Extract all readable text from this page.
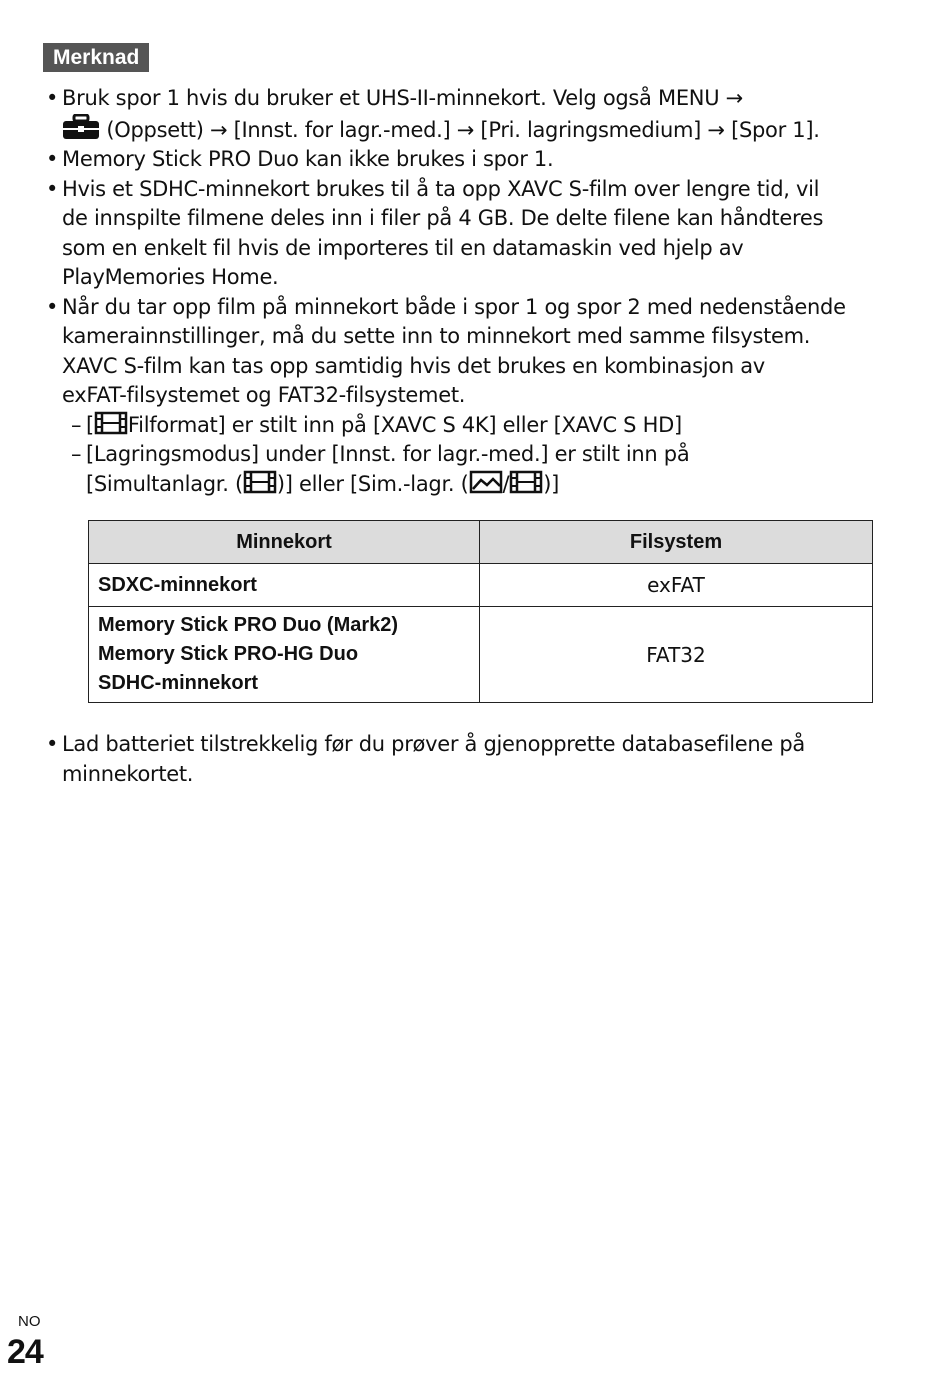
Merknad
• Bruk spor 1 hvis du bruker et UHS-II-minnekort. Velg også MENU →

(Oppsett) → [Innst. for lagr.-med.] → [Pri. lagringsmedium] → [Spor 1].
• Memory Stick PRO Duo kan ikke brukes i spor 1.
• Hvis et SDHC-minnekort brukes til å ta opp XAVC S-film over lengre tid, vil
de innspilte filmene deles inn i filer på 4 GB. De delte filene kan håndteres
som en enkelt fil hvis de importeres til en datamaskin ved hjelp av
PlayMemories Home.
• Når du tar opp film på minnekort både i spor 1 og spor 2 med nedenstående
kamerainnstillinger, må du sette inn to minnekort med samme filsystem.
XAVC S-film kan tas opp samtidig hvis det brukes en kombinasjon av
exFAT-filsystemet og FAT32-filsystemet.
– [ Filformat] er stilt inn på [XAVC S 4K] eller [XAVC S HD]
– [Lagringsmodus] under [Innst. for lagr.-med.] er stilt inn på
[Simultanlagr. ( )] eller [Sim.-lagr. ( / )]
Minnekort	Filsystem
SDXC-minnekort	exFAT
Memory Stick PRO Duo (Mark2)
Memory Stick PRO-HG Duo
SDHC-minnekort	FAT32
• Lad batteriet tilstrekkelig før du prøver å gjenopprette databasefilene på
minnekortet.
NO
24
